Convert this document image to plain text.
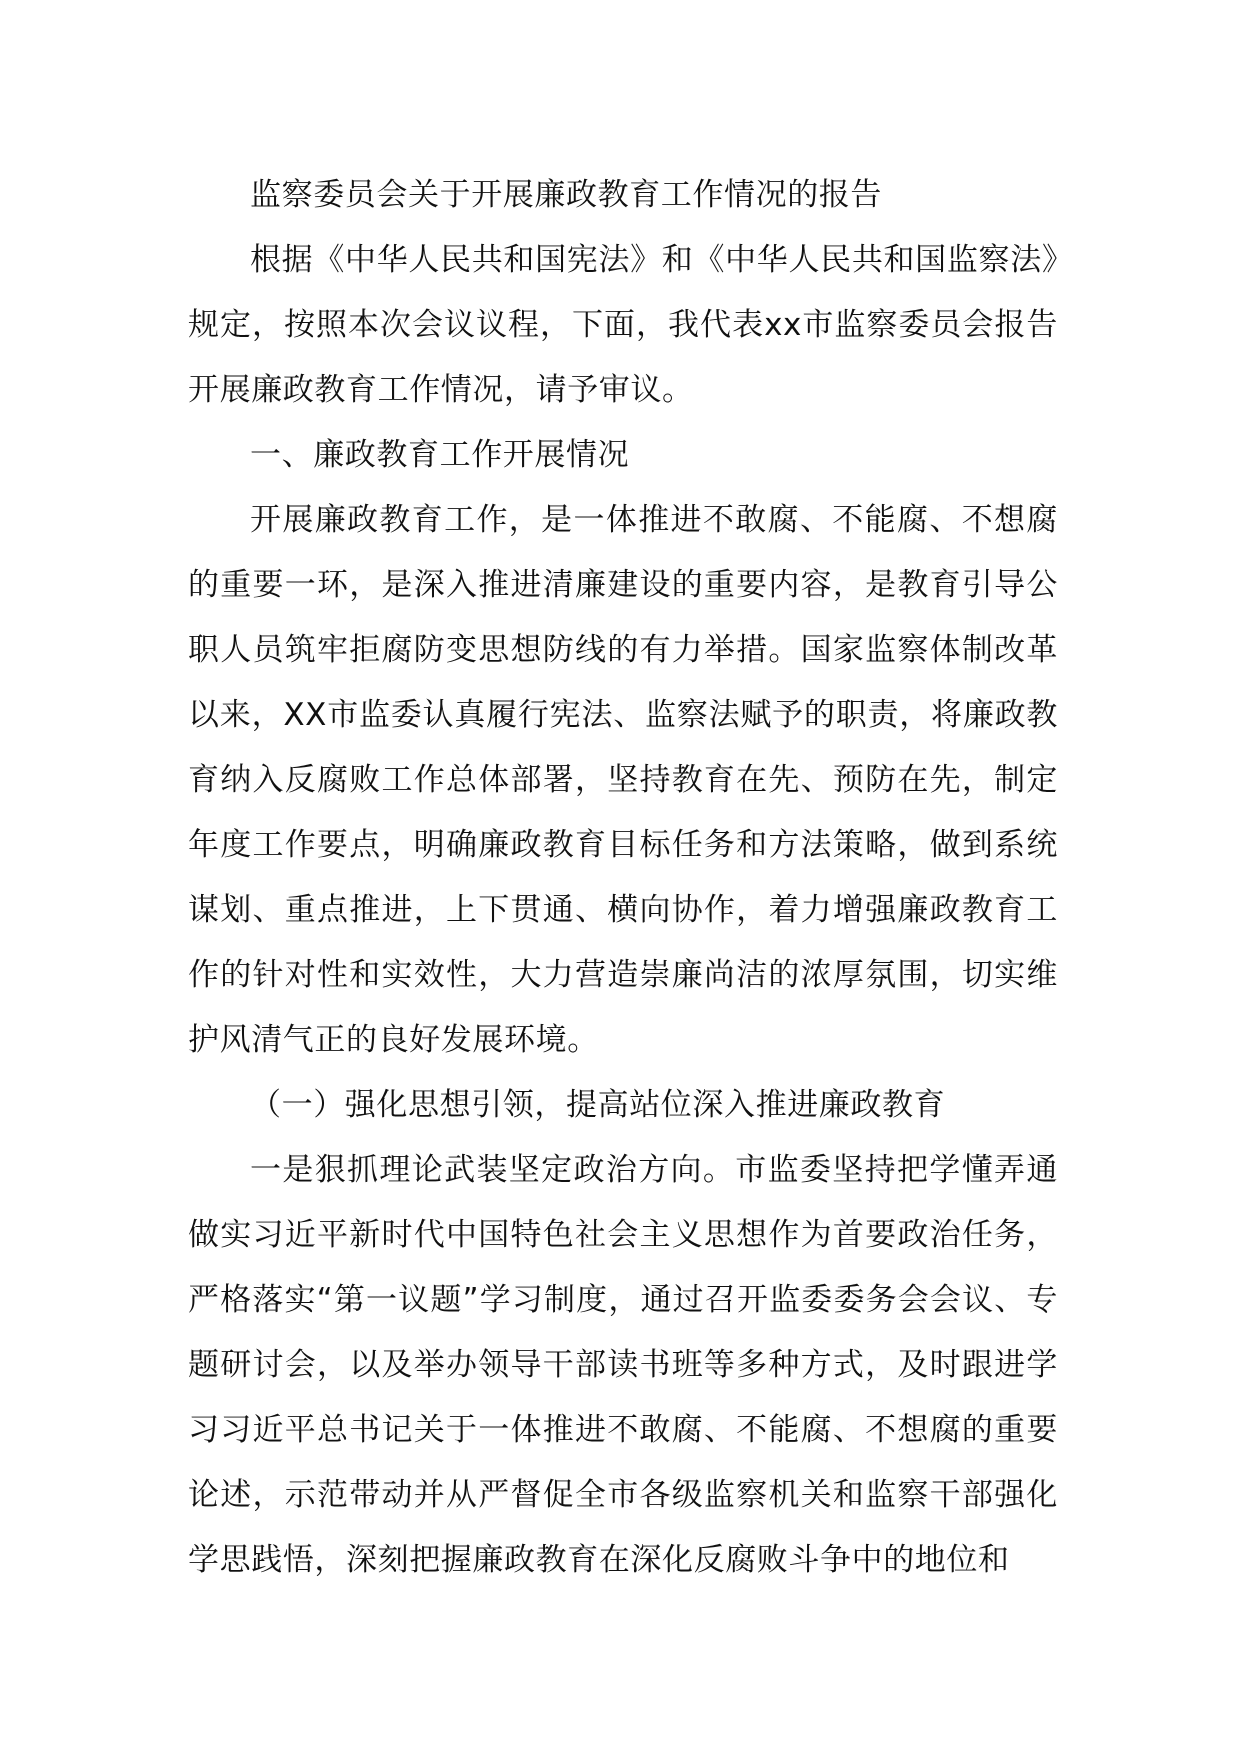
监察委员会关于开展廉政教育工作情况的报告

根据《中华人民共和国宪法》和《中华人民共和国监察法》规定，按照本次会议议程，下面，我代表xx市监察委员会报告开展廉政教育工作情况，请予审议。

一、廉政教育工作开展情况

开展廉政教育工作，是一体推进不敢腐、不能腐、不想腐的重要一环，是深入推进清廉建设的重要内容，是教育引导公职人员筑牢拒腐防变思想防线的有力举措。国家监察体制改革以来，XX市监委认真履行宪法、监察法赋予的职责，将廉政教育纳入反腐败工作总体部署，坚持教育在先、预防在先，制定年度工作要点，明确廉政教育目标任务和方法策略，做到系统谋划、重点推进，上下贯通、横向协作，着力增强廉政教育工作的针对性和实效性，大力营造崇廉尚洁的浓厚氛围，切实维护风清气正的良好发展环境。

（一）强化思想引领，提高站位深入推进廉政教育

一是狠抓理论武装坚定政治方向。市监委坚持把学懂弄通做实习近平新时代中国特色社会主义思想作为首要政治任务，严格落实“第一议题”学习制度，通过召开监委委务会会议、专题研讨会，以及举办领导干部读书班等多种方式，及时跟进学习习近平总书记关于一体推进不敢腐、不能腐、不想腐的重要论述，示范带动并从严督促全市各级监察机关和监察干部强化学思践悟，深刻把握廉政教育在深化反腐败斗争中的地位和
